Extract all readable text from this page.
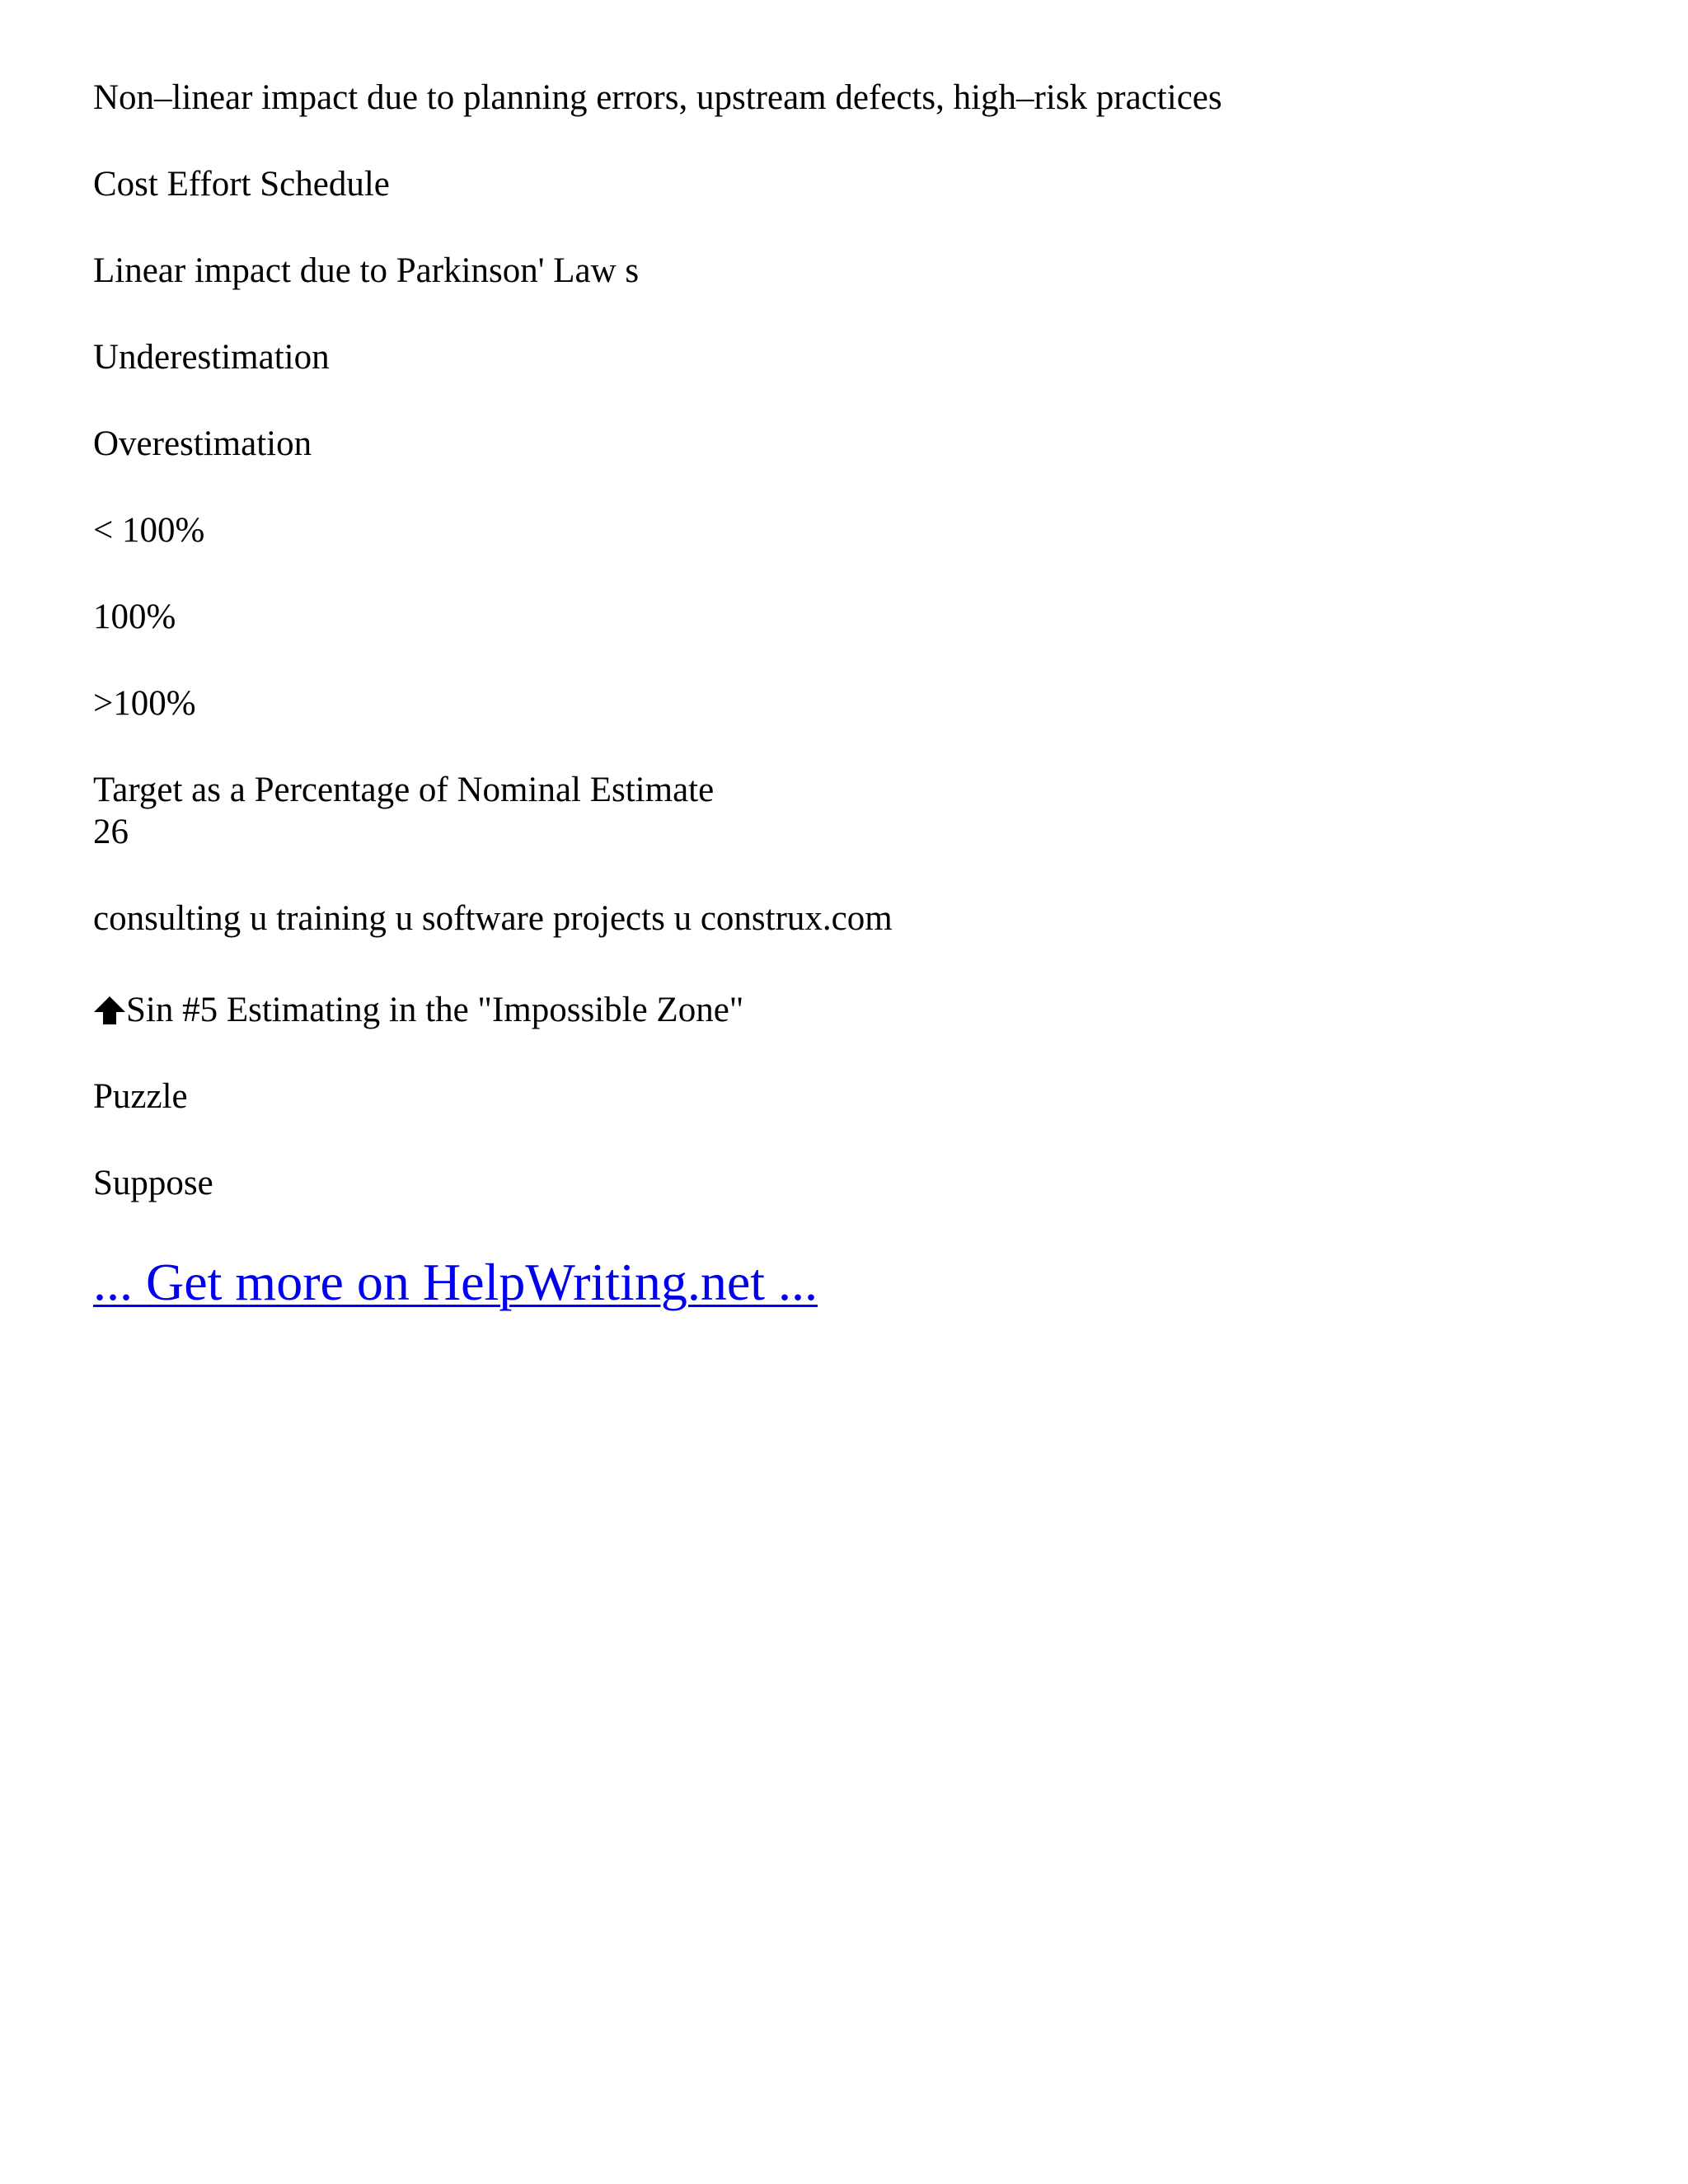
Non–linear impact due to planning errors, upstream defects, high–risk practices
Cost Effort Schedule
Linear impact due to Parkinson' Law s
Underestimation
Overestimation
< 100%
100%
>100%
Target as a Percentage of Nominal Estimate
26
consulting u training u software projects u construx.com
Sin #5 Estimating in the "Impossible Zone"
Puzzle
Suppose
... Get more on HelpWriting.net ...
